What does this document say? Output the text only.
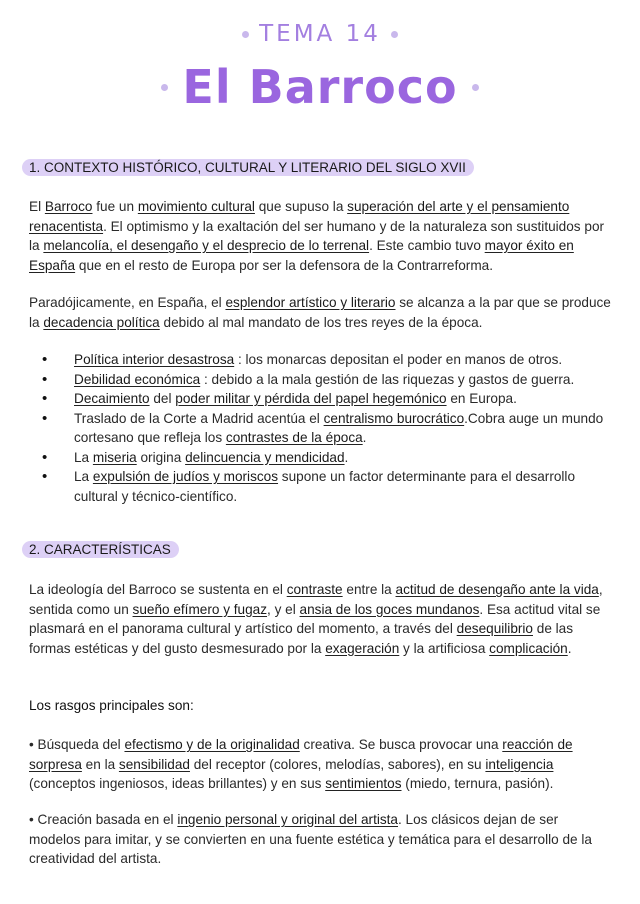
TEMA 14
El Barroco
1. CONTEXTO HISTÓRICO, CULTURAL Y LITERARIO DEL SIGLO XVII

El Barroco fue un movimiento cultural que supuso la superación del arte y el pensamiento renacentista. El optimismo y la exaltación del ser humano y de la naturaleza son sustituidos por la melancolía, el desengaño y el desprecio de lo terrenal. Este cambio tuvo mayor éxito en España que en el resto de Europa por ser la defensora de la Contrarreforma.

Paradójicamente, en España, el esplendor artístico y literario se alcanza a la par que se produce la decadencia política debido al mal mandato de los tres reyes de la época.

• Política interior desastrosa : los monarcas depositan el poder en manos de otros.
• Debilidad económica : debido a la mala gestión de las riquezas y gastos de guerra.
• Decaimiento del poder militar y pérdida del papel hegemónico en Europa.
• Traslado de la Corte a Madrid acentúa el centralismo burocrático.Cobra auge un mundo cortesano que refleja los contrastes de la época.
• La miseria origina delincuencia y mendicidad.
• La expulsión de judíos y moriscos supone un factor determinante para el desarrollo cultural y técnico-científico.
2. CARACTERÍSTICAS

La ideología del Barroco se sustenta en el contraste entre la actitud de desengaño ante la vida, sentida como un sueño efímero y fugaz, y el ansia de los goces mundanos. Esa actitud vital se plasmará en el panorama cultural y artístico del momento, a través del desequilibrio de las formas estéticas y del gusto desmesurado por la exageración y la artificiosa complicación.

Los rasgos principales son:

• Búsqueda del efectismo y de la originalidad creativa. Se busca provocar una reacción de sorpresa en la sensibilidad del receptor (colores, melodías, sabores), en su inteligencia (conceptos ingeniosos, ideas brillantes) y en sus sentimientos (miedo, ternura, pasión).

• Creación basada en el ingenio personal y original del artista. Los clásicos dejan de ser modelos para imitar, y se convierten en una fuente estética y temática para el desarrollo de la creatividad del artista.
